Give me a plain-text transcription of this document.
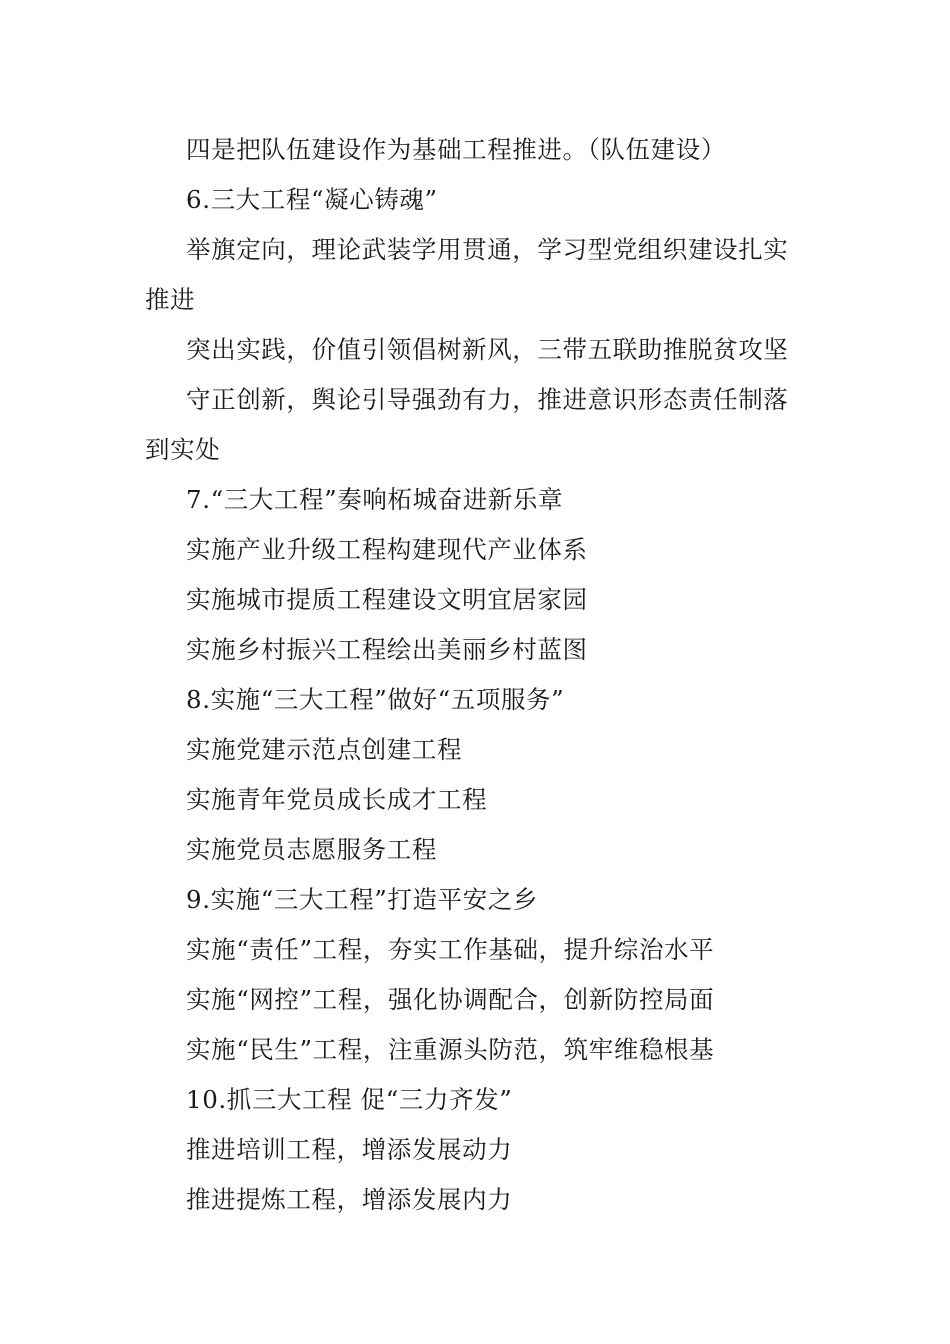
四是把队伍建设作为基础工程推进。（队伍建设）

6.三大工程“凝心铸魂”

举旗定向，理论武装学用贯通，学习型党组织建设扎实推进

突出实践，价值引领倡树新风，三带五联助推脱贫攻坚

守正创新，舆论引导强劲有力，推进意识形态责任制落到实处

7.“三大工程”奏响柘城奋进新乐章

实施产业升级工程构建现代产业体系

实施城市提质工程建设文明宜居家园

实施乡村振兴工程绘出美丽乡村蓝图

8.实施“三大工程”做好“五项服务”

实施党建示范点创建工程

实施青年党员成长成才工程

实施党员志愿服务工程

9.实施“三大工程”打造平安之乡

实施“责任”工程，夯实工作基础，提升综治水平

实施“网控”工程，强化协调配合，创新防控局面

实施“民生”工程，注重源头防范，筑牢维稳根基

10.抓三大工程 促“三力齐发”

推进培训工程，增添发展动力

推进提炼工程，增添发展内力
